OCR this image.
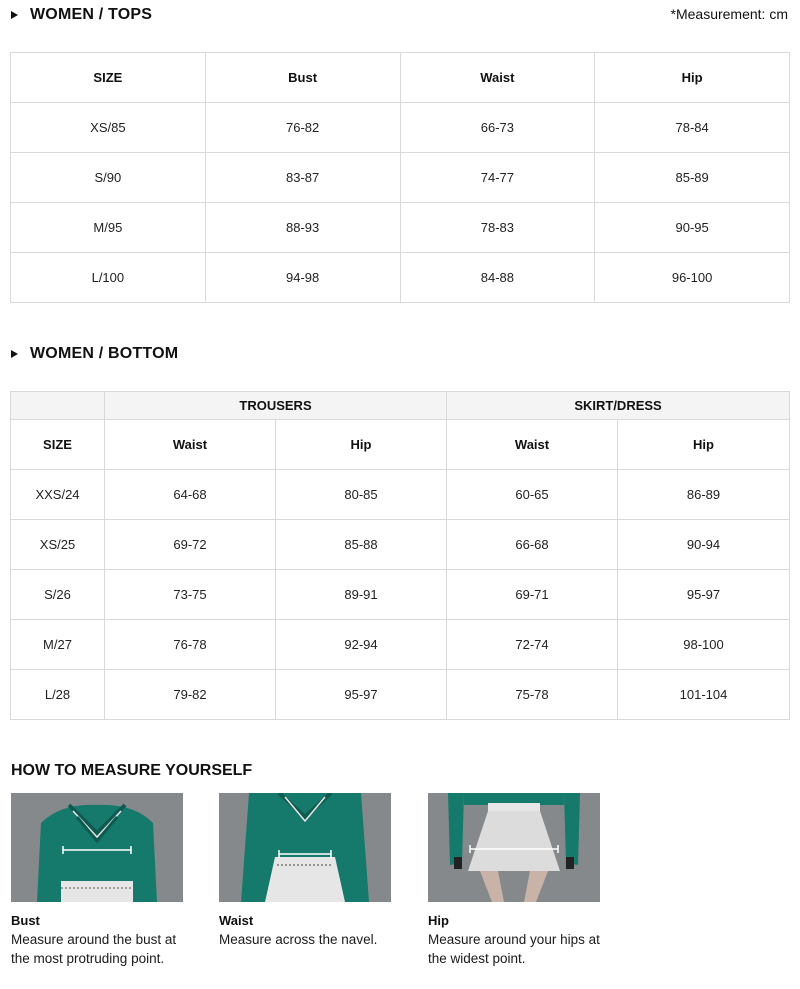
WOMEN / TOPS	*Measurement: cm
SIZE	Bust	Waist	Hip
XS/85	76-82	66-73	78-84
S/90	83-87	74-77	85-89
M/95	88-93	78-83	90-95
L/100	94-98	84-88	96-100
WOMEN / BOTTOM
	TROUSERS		SKIRT/DRESS	
SIZE	Waist	Hip	Waist	Hip
XXS/24	64-68	80-85	60-65	86-89
XS/25	69-72	85-88	66-68	90-94
S/26	73-75	89-91	69-71	95-97
M/27	76-78	92-94	72-74	98-100
L/28	79-82	95-97	75-78	101-104
HOW TO MEASURE YOURSELF
Bust
Measure around the bust at the most protruding point.
Waist
Measure across the navel.
Hip
Measure around your hips at the widest point.
